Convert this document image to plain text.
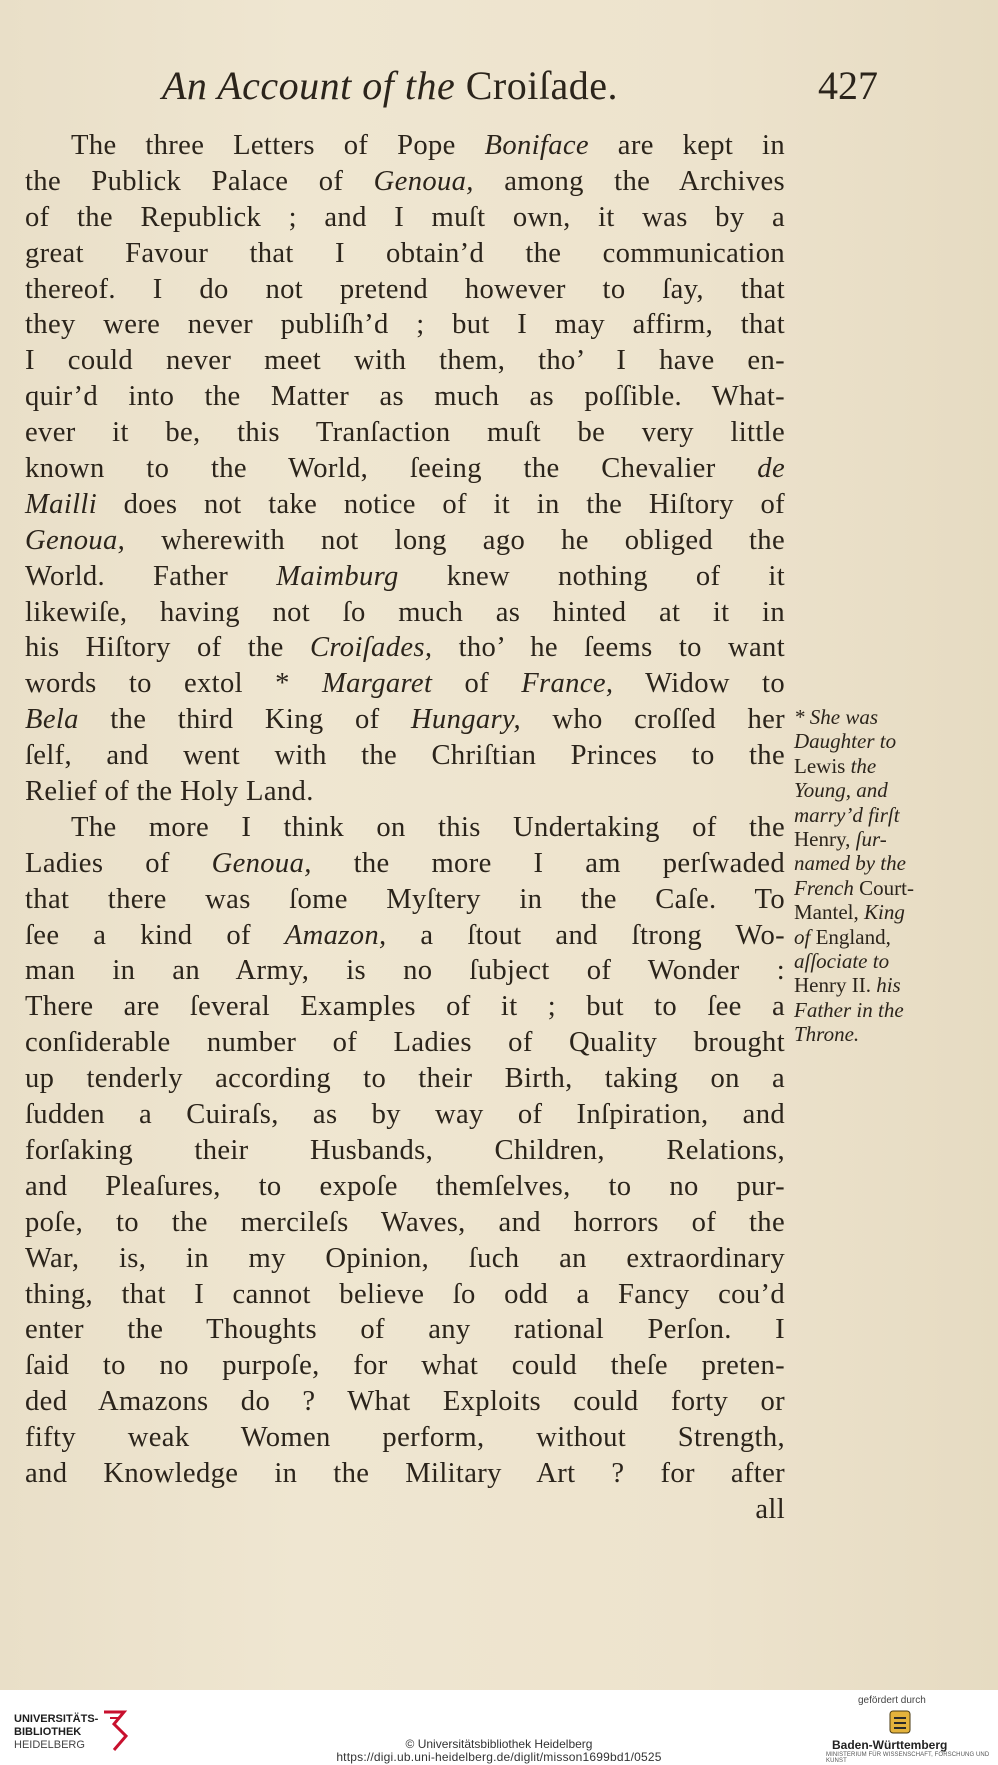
An Account of the Croiſade.	427
The three Letters of Pope Boniface are kept in
the Publick Palace of Genoua, among the Archives
of the Republick ; and I muſt own, it was by a
great Favour that I obtain’d the communication
thereof. I do not pretend however to ſay, that
they were never publiſh’d ; but I may affirm, that
I could never meet with them, tho’ I have en-
quir’d into the Matter as much as poſſible. What-
ever it be, this Tranſaction muſt be very little
known to the World, ſeeing the Chevalier de
Mailli does not take notice of it in the Hiſtory of
Genoua, wherewith not long ago he obliged the
World. Father Maimburg knew nothing of it
likewiſe, having not ſo much as hinted at it in
his Hiſtory of the Croiſades, tho’ he ſeems to want
words to extol * Margaret of France, Widow to
Bela the third King of Hungary, who croſſed her
ſelf, and went with the Chriſtian Princes to the
Relief of the Holy Land.
The more I think on this Undertaking of the
Ladies of Genoua, the more I am perſwaded
that there was ſome Myſtery in the Caſe. To
ſee a kind of Amazon, a ſtout and ſtrong Wo-
man in an Army, is no ſubject of Wonder :
There are ſeveral Examples of it ; but to ſee a
conſiderable number of Ladies of Quality brought
up tenderly according to their Birth, taking on a
ſudden a Cuiraſs, as by way of Inſpiration, and
forſaking their Husbands, Children, Relations,
and Pleaſures, to expoſe themſelves, to no pur-
poſe, to the mercileſs Waves, and horrors of the
War, is, in my Opinion, ſuch an extraordinary
thing, that I cannot believe ſo odd a Fancy cou’d
enter the Thoughts of any rational Perſon. I
ſaid to no purpoſe, for what could theſe preten-
ded Amazons do ? What Exploits could forty or
fifty weak Women perform, without Strength,
and Knowledge in the Military Art ? for after
all
* She was
Daughter to
Lewis the
Young, and
marry’d firſt
Henry, ſur-
named by the
French Court-
Mantel, King
of England,
aſſociate to
Henry II. his
Father in the
Throne.
UNIVERSITÄTS-
BIBLIOTHEK
HEIDELBERG	© Universitätsbibliothek Heidelberg
https://digi.ub.uni-heidelberg.de/diglit/misson1699bd1/0525
gefördert durch
Baden-Württemberg
MINISTERIUM FÜR WISSENSCHAFT, FORSCHUNG UND KUNST
